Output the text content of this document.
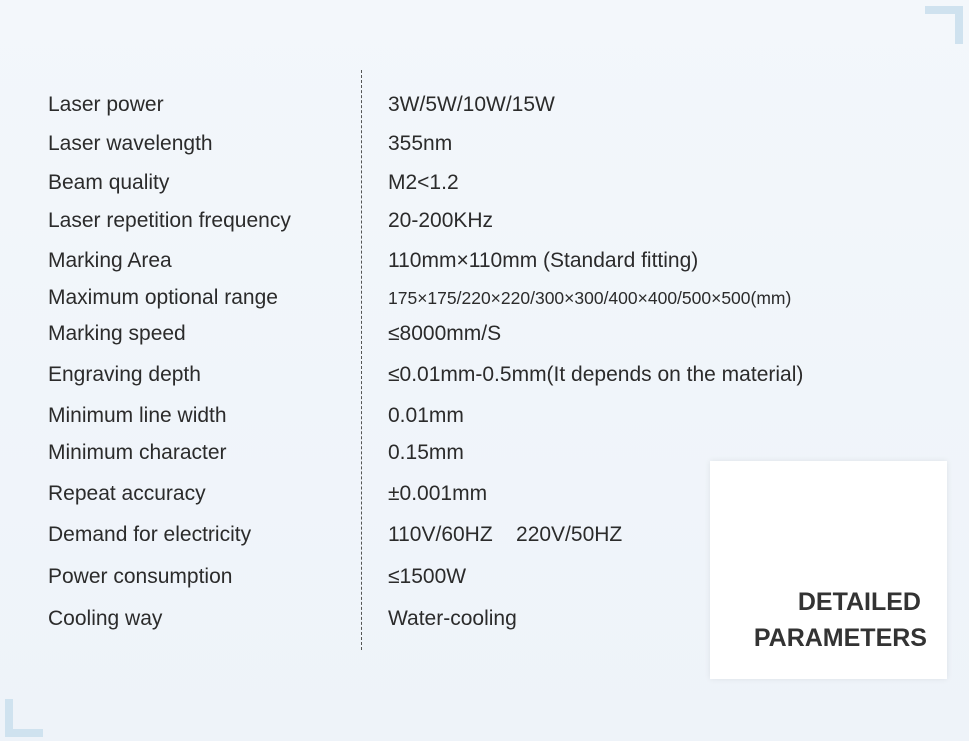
Laser power	3W/5W/10W/15W
Laser wavelength	355nm
Beam quality	M2<1.2
Laser repetition frequency	20-200KHz
Marking Area	110mm×110mm (Standard fitting)
Maximum optional range	175×175/220×220/300×300/400×400/500×500(mm)
Marking speed	≤8000mm/S
Engraving depth	≤0.01mm-0.5mm(It depends on the material)
Minimum line width	0.01mm
Minimum character	0.15mm
Repeat accuracy	±0.001mm
Demand for electricity	110V/60HZ    220V/50HZ
Power consumption	≤1500W
Cooling way	Water-cooling
DETAILED
PARAMETERS
